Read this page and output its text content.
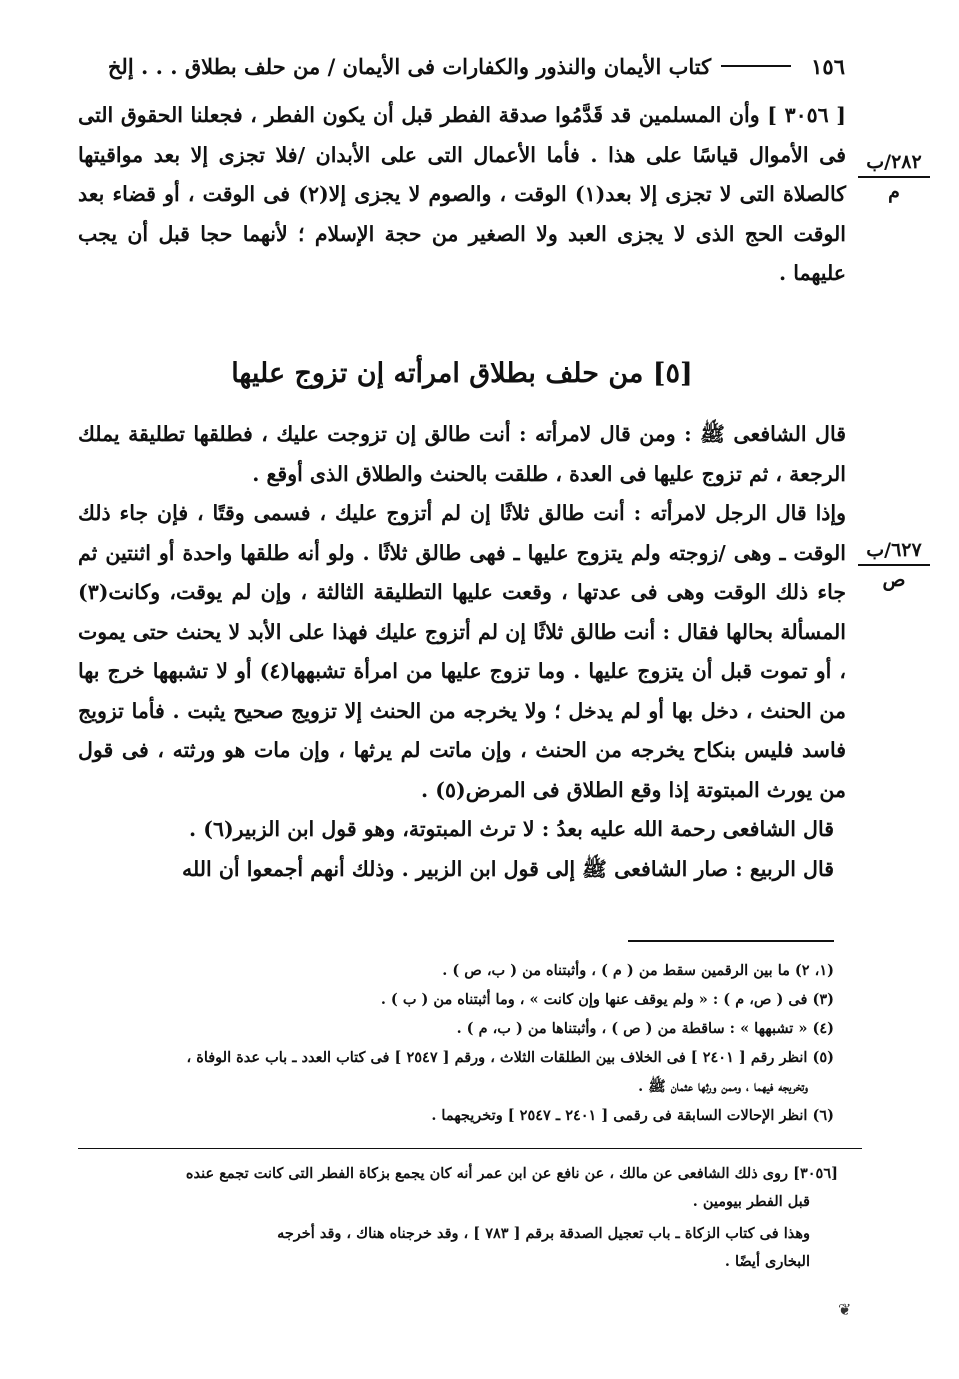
١٥٦
كتاب الأيمان والنذور والكفارات فى الأيمان / من حلف بطلاق . . . إلخ

[ ٣٠٥٦ ] وأن المسلمين قد قَدَّمُوا صدقة الفطر قبل أن يكون الفطر ، فجعلنا الحقوق التى فى الأموال قياسًا على هذا . فأما الأعمال التى على الأبدان /فلا تجزى إلا بعد مواقيتها كالصلاة التى لا تجزى إلا بعد(١) الوقت ، والصوم لا يجزى إلا(٢) فى الوقت ، أو قضاء بعد الوقت الحج الذى لا يجزى العبد ولا الصغير من حجة الإسلام ؛ لأنهما حجا قبل أن يجب عليهما .

٢٨٢/ب
م
[٥] من حلف بطلاق امرأته إن تزوج عليها

قال الشافعى ﷺ : ومن قال لامرأته : أنت طالق إن تزوجت عليك ، فطلقها تطليقة يملك الرجعة ، ثم تزوج عليها فى العدة ، طلقت بالحنث والطلاق الذى أوقع .

وإذا قال الرجل لامرأته : أنت طالق ثلاثًا إن لم أتزوج عليك ، فسمى وقتًا ، فإن جاء ذلك الوقت ـ وهى /زوجته ولم يتزوج عليها ـ فهى طالق ثلاثًا . ولو أنه طلقها واحدة أو اثنتين ثم جاء ذلك الوقت وهى فى عدتها ، وقعت عليها التطليقة الثالثة ، وإن لم يوقت، وكانت(٣) المسألة بحالها فقال : أنت طالق ثلاثًا إن لم أتزوج عليك فهذا على الأبد لا يحنث حتى يموت ، أو تموت قبل أن يتزوج عليها . وما تزوج عليها من امرأة تشبهها(٤) أو لا تشبهها خرج بها من الحنث ، دخل بها أو لم يدخل ؛ ولا يخرجه من الحنث إلا تزويج صحيح يثبت . فأما تزويج فاسد فليس بنكاح يخرجه من الحنث ، وإن ماتت لم يرثها ، وإن مات هو ورثته ، فى قول من يورث المبتوتة إذا وقع الطلاق فى المرض(٥) .

قال الشافعى رحمة الله عليه بعدُ : لا ترث المبتوتة، وهو قول ابن الزبير(٦) .

قال الربيع : صار الشافعى ﷺ إلى قول ابن الزبير . وذلك أنهم أجمعوا أن الله

٦٢٧/ب
ص

(١، ٢) ما بين الرقمين سقط من ( م ) ، وأثبتناه من ( ب، ص ) .

(٣) فى ( ص، م ) : « ولم يوقف عنها وإن كانت » ، وما أثبتناه من ( ب ) .

(٤) « تشبهها » : ساقطة من ( ص ) ، وأثبتناها من ( ب، م ) .

(٥) انظر رقم [ ٢٤٠١ ] فى الخلاف بين الطلقات الثلاث ، ورقم [ ٢٥٤٧ ] فى كتاب العدد ـ باب عدة الوفاة ،

وتخريجه فيهما ، وممن ورثها عثمان ﷺ .

(٦) انظر الإحالات السابقة فى رقمى [ ٢٤٠١ ـ ٢٥٤٧ ] وتخريجهما .

[٣٠٥٦] روى ذلك الشافعى عن مالك ، عن نافع عن ابن عمر أنه كان يجمع بزكاة الفطر التى كانت تجمع عنده

قبل الفطر بيومين .

وهذا فى كتاب الزكاة ـ باب تعجيل الصدقة برقم [ ٧٨٣ ] ، وقد خرجناه هناك ، وقد أخرجه

البخارى أيضًا .

❦
